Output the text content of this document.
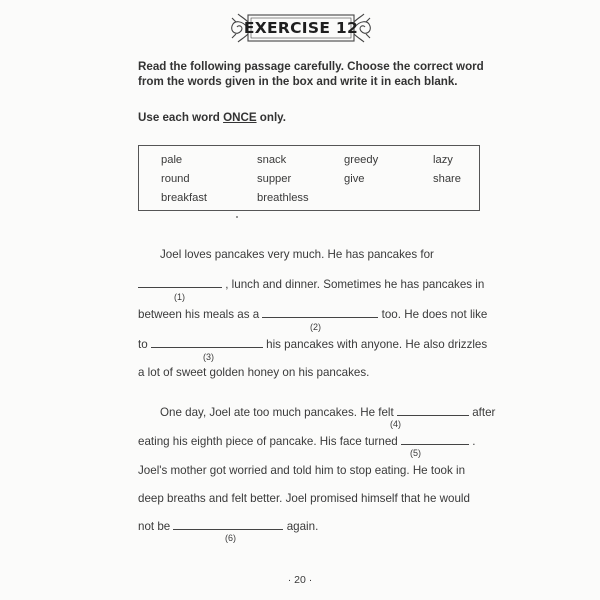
EXERCISE 12
Read the following passage carefully. Choose the correct word from the words given in the box and write it in each blank.
Use each word ONCE only.
pale	snack	greedy	lazy
round	supper	give	share
breakfast	breathless
Joel loves pancakes very much. He has pancakes for
, lunch and dinner. Sometimes he has pancakes in
(1)
between his meals as a	too. He does not like
(2)
to	his pancakes with anyone. He also drizzles
(3)
a lot of sweet golden honey on his pancakes.
One day, Joel ate too much pancakes. He felt	after
(4)
eating his eighth piece of pancake. His face turned	.
(5)
Joel's mother got worried and told him to stop eating. He took in
deep breaths and felt better. Joel promised himself that he would
not be	again.
(6)
· 20 ·
